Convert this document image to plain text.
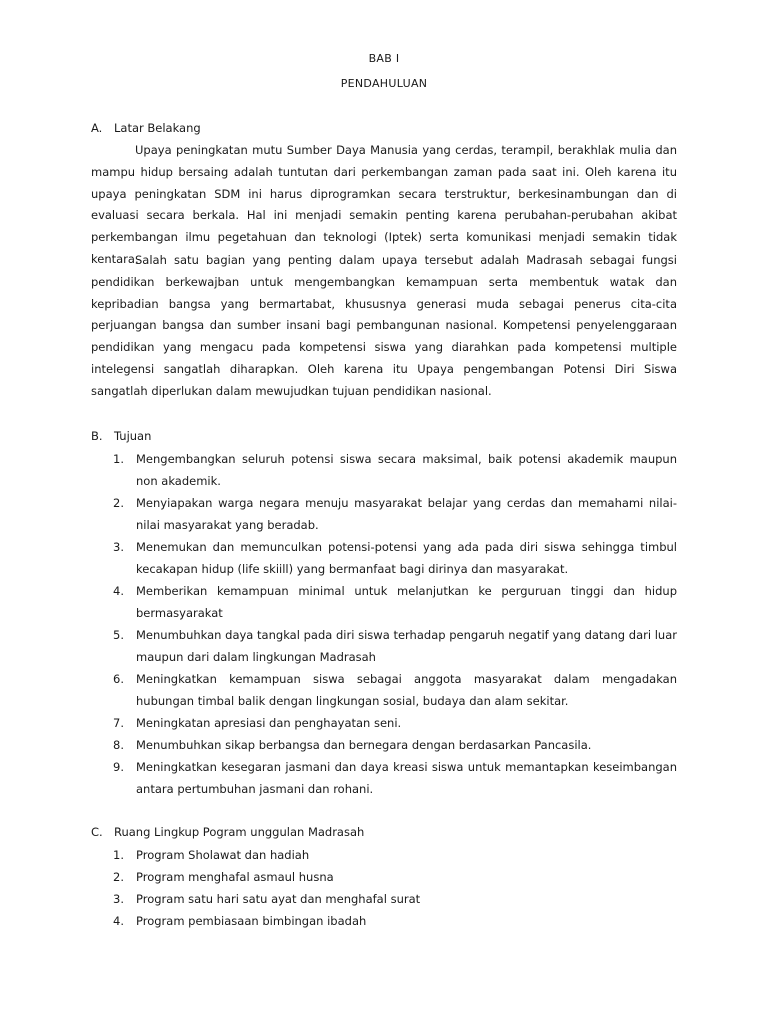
BAB I
PENDAHULUAN
A. Latar Belakang

Upaya peningkatan mutu Sumber Daya Manusia yang cerdas, terampil, berakhlak mulia dan mampu hidup bersaing adalah tuntutan dari perkembangan zaman pada saat ini. Oleh karena itu upaya peningkatan SDM ini harus diprogramkan secara terstruktur, berkesinambungan dan di evaluasi secara berkala. Hal ini menjadi semakin penting karena perubahan-perubahan akibat perkembangan ilmu pegetahuan dan teknologi (Iptek) serta komunikasi menjadi semakin tidak kentara.

Salah satu bagian yang penting dalam upaya tersebut adalah Madrasah sebagai fungsi pendidikan berkewajban untuk mengembangkan kemampuan serta membentuk watak dan kepribadian bangsa yang bermartabat, khususnya generasi muda sebagai penerus cita-cita perjuangan bangsa dan sumber insani bagi pembangunan nasional. Kompetensi penyelenggaraan pendidikan yang mengacu pada kompetensi siswa yang diarahkan pada kompetensi multiple intelegensi sangatlah diharapkan. Oleh karena itu Upaya pengembangan Potensi Diri Siswa sangatlah diperlukan dalam mewujudkan tujuan pendidikan nasional.

B. Tujuan
1. Mengembangkan seluruh potensi siswa secara maksimal, baik potensi akademik maupun non akademik.
2. Menyiapakan warga negara menuju masyarakat belajar yang cerdas dan memahami nilai-nilai masyarakat yang beradab.
3. Menemukan dan memunculkan potensi-potensi yang ada pada diri siswa sehingga timbul kecakapan hidup (life skiill) yang bermanfaat bagi dirinya dan masyarakat.
4. Memberikan kemampuan minimal untuk melanjutkan ke perguruan tinggi dan hidup bermasyarakat
5. Menumbuhkan daya tangkal pada diri siswa terhadap pengaruh negatif yang datang dari luar maupun dari dalam lingkungan Madrasah
6. Meningkatkan kemampuan siswa sebagai anggota masyarakat dalam mengadakan hubungan timbal balik dengan lingkungan sosial, budaya dan alam sekitar.
7. Meningkatan apresiasi dan penghayatan seni.
8. Menumbuhkan sikap berbangsa dan bernegara dengan berdasarkan Pancasila.
9. Meningkatkan kesegaran jasmani dan daya kreasi siswa untuk memantapkan keseimbangan antara pertumbuhan jasmani dan rohani.
C. Ruang Lingkup Pogram unggulan Madrasah
1. Program Sholawat dan hadiah
2. Program menghafal asmaul husna
3. Program satu hari satu ayat dan menghafal surat
4. Program pembiasaan bimbingan ibadah
